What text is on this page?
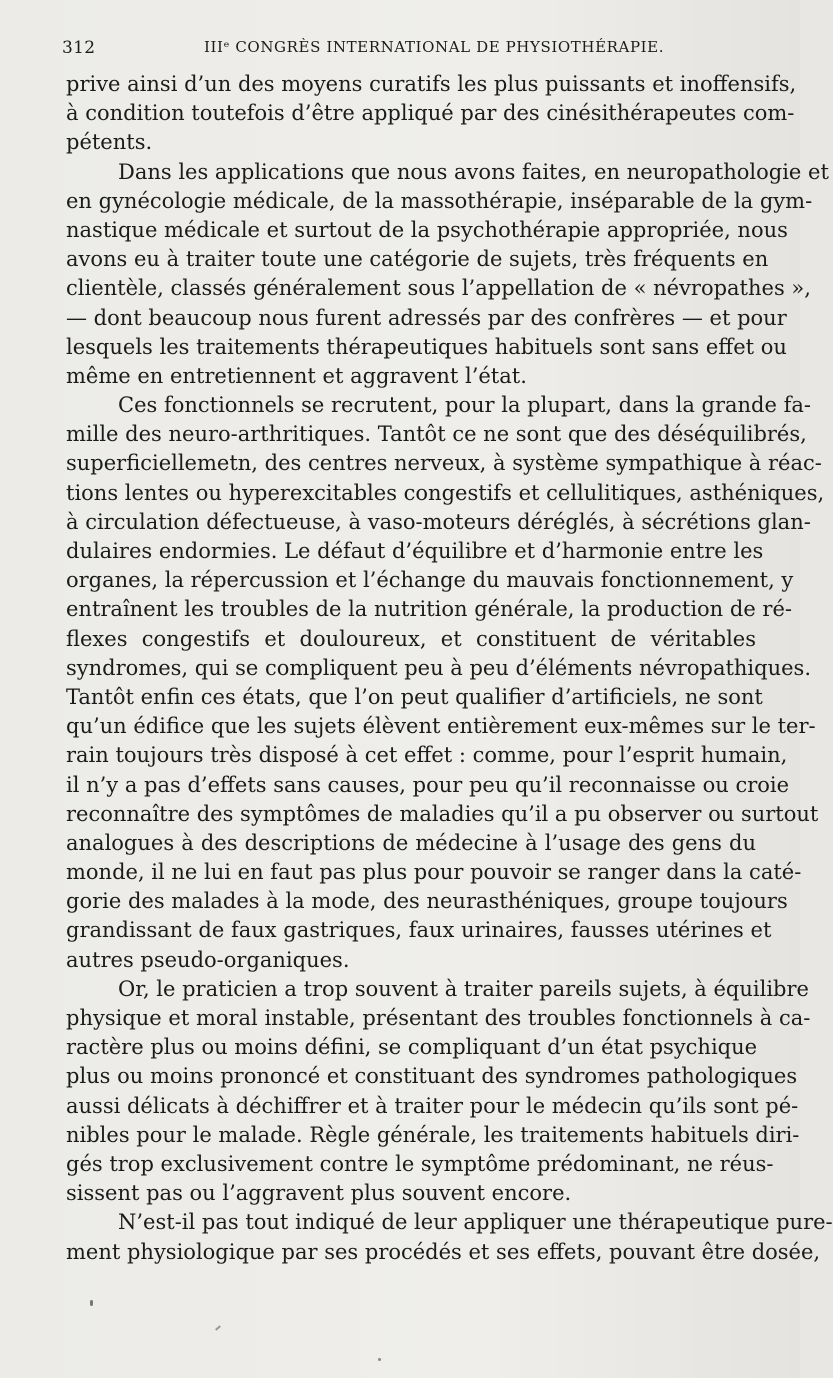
312	IIIᵉ CONGRÈS INTERNATIONAL DE PHYSIOTHÉRAPIE.
prive ainsi d’un des moyens curatifs les plus puissants et inoffensifs,
à condition toutefois d’être appliqué par des cinésithérapeutes com-
pétents.
Dans les applications que nous avons faites, en neuropathologie et
en gynécologie médicale, de la massothérapie, inséparable de la gym-
nastique médicale et surtout de la psychothérapie appropriée, nous
avons eu à traiter toute une catégorie de sujets, très fréquents en
clientèle, classés généralement sous l’appellation de « névropathes »,
— dont beaucoup nous furent adressés par des confrères — et pour
lesquels les traitements thérapeutiques habituels sont sans effet ou
même en entretiennent et aggravent l’état.
Ces fonctionnels se recrutent, pour la plupart, dans la grande fa-
mille des neuro-arthritiques. Tantôt ce ne sont que des déséquilibrés,
superficiellemetn, des centres nerveux, à système sympathique à réac-
tions lentes ou hyperexcitables congestifs et cellulitiques, asthéniques,
à circulation défectueuse, à vaso-moteurs déréglés, à sécrétions glan-
dulaires endormies. Le défaut d’équilibre et d’harmonie entre les
organes, la répercussion et l’échange du mauvais fonctionnement, y
entraînent les troubles de la nutrition générale, la production de ré-
flexes congestifs et douloureux, et constituent de véritables
syndromes, qui se compliquent peu à peu d’éléments névropathiques.
Tantôt enfin ces états, que l’on peut qualifier d’artificiels, ne sont
qu’un édifice que les sujets élèvent entièrement eux-mêmes sur le ter-
rain toujours très disposé à cet effet : comme, pour l’esprit humain,
il n’y a pas d’effets sans causes, pour peu qu’il reconnaisse ou croie
reconnaître des symptômes de maladies qu’il a pu observer ou surtout
analogues à des descriptions de médecine à l’usage des gens du
monde, il ne lui en faut pas plus pour pouvoir se ranger dans la caté-
gorie des malades à la mode, des neurasthéniques, groupe toujours
grandissant de faux gastriques, faux urinaires, fausses utérines et
autres pseudo-organiques.
Or, le praticien a trop souvent à traiter pareils sujets, à équilibre
physique et moral instable, présentant des troubles fonctionnels à ca-
ractère plus ou moins défini, se compliquant d’un état psychique
plus ou moins prononcé et constituant des syndromes pathologiques
aussi délicats à déchiffrer et à traiter pour le médecin qu’ils sont pé-
nibles pour le malade. Règle générale, les traitements habituels diri-
gés trop exclusivement contre le symptôme prédominant, ne réus-
sissent pas ou l’aggravent plus souvent encore.
N’est-il pas tout indiqué de leur appliquer une thérapeutique pure-
ment physiologique par ses procédés et ses effets, pouvant être dosée,
